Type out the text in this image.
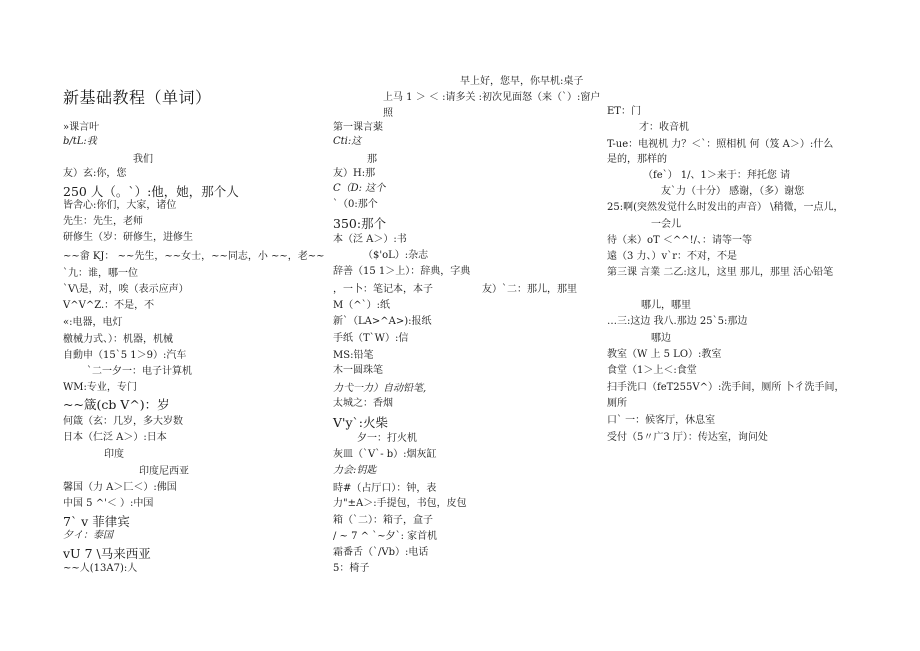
早上好，您早，你早机:桌子
上马 1 ＞ ＜ :请多关 :初次见面怒（来（`）:窗户
照
新基础教程（单词）
»课言叶
b/tL:我
我们
友）玄:你，您
250 人（。`）:他，她，那个人
皆舎心:你们，大家，诸位
先生：先生，老师
研修生（岁：研修生，进修生
~~畲 KJ： ~~先生，~~女士，~~同志，小 ~~，老~~
`九：谁，哪一位
`V\是，对，唉（表示应声）
V^V^Z.：不是，不
«:电器，电灯
檄械力式、）：机器，机械
自動申（15`5 1＞9）:汽车
`二一夕一：电子计算机
WM:专业，专门
~~箴(cb V^)：岁
何箴（玄：几岁，多大岁数
日本（仁泛 A＞）:日本
印度
印度尼西亚
馨国（力 A＞匚＜）:佛国
中国 5 ^'＜ ）:中国
7` v 菲律宾
夕イ：泰国
vU 7 \马来西亚
~~人(13A7):人
第一课言薬
Cti:这
那
友）H:那
C（D: 这个
`（0:那个
350:那个
本（泛 A＞）:书
（$'oL）:杂志
辞善（15 1＞上）：辞典，字典
，一卜：笔记本，本子	友）`二：那儿，那里
M（^`）:纸
新`（LA>^A>):报纸
手纸（T`W）:信
MS:铅笔
木一圆珠笔
力弋一力）自动铅笔,
太城之：香烟
V'y`:火柴
夕一：打火机
灰皿（`V`- b）:烟灰缸
力会:钥匙
時#（占厅口）：钟，表
力"±A＞:手提包，书包，皮包
箱（`二）：箱子，盒子
/ ~ 7 ^ `~夕`: 家首机
霜番舌（`/Vb）:电话
5：椅子
ET：门
才：收音机
T-ue：电视机 力？＜`：照相机 何（笈 A＞）:什么
是的，那样的
（fe`） 1/、1＞来于：拜托您 请
友`力（十分） 感谢，（多）谢您
25:啊(突然发觉什么时发出的声音） \稍微，一点儿，
一会儿
待（来）oT ＜^^!/、：请等一等
遠（3 力、）v`r：不对，不是
第三课 言業 二乙:这儿，这里 那儿，那里 活心铅笔
哪儿，哪里
…三:这边 我八.那边 25`5:那边
哪边
教室（W 上 5 LO）:教室
食堂（1＞上＜:食堂
扫手洗口（feT255V^）:洗手间，厕所 卜彳洗手间，
厕所
口` 一：候客厅，休息室
受付（5〃广3 厅）：传达室，询问处
